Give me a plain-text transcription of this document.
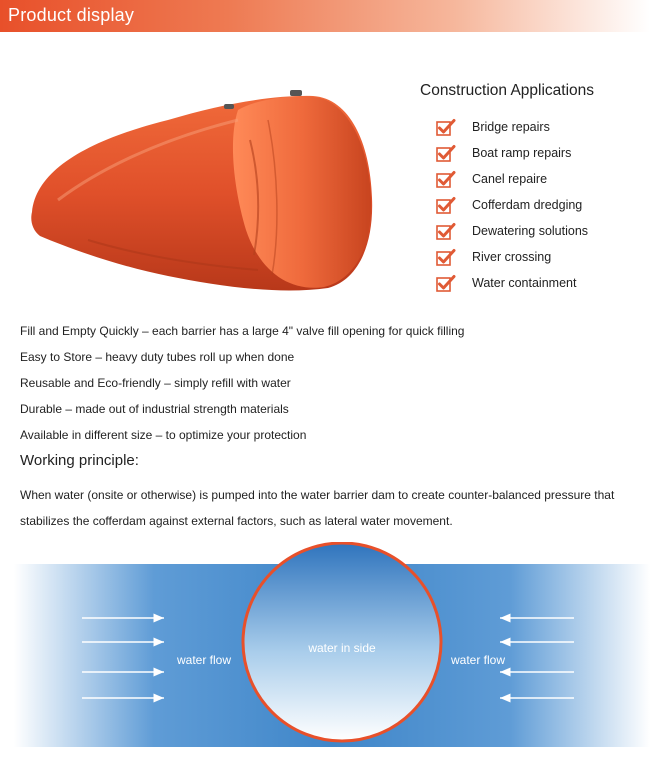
Product display
Construction Applications
Bridge repairs
Boat ramp repairs
Canel repaire
Cofferdam dredging
Dewatering solutions
River crossing
Water containment
Fill and Empty Quickly – each barrier has a large 4" valve fill opening for quick filling
Easy to Store – heavy duty tubes roll up when done
Reusable and Eco-friendly – simply refill with water
Durable – made out of industrial strength materials
Available in different size – to optimize your protection
Working principle:
When water (onsite or otherwise) is pumped into the water barrier dam to create counter-balanced pressure that stabilizes the cofferdam against external factors, such as lateral water movement.
water flow
water in side
water flow
